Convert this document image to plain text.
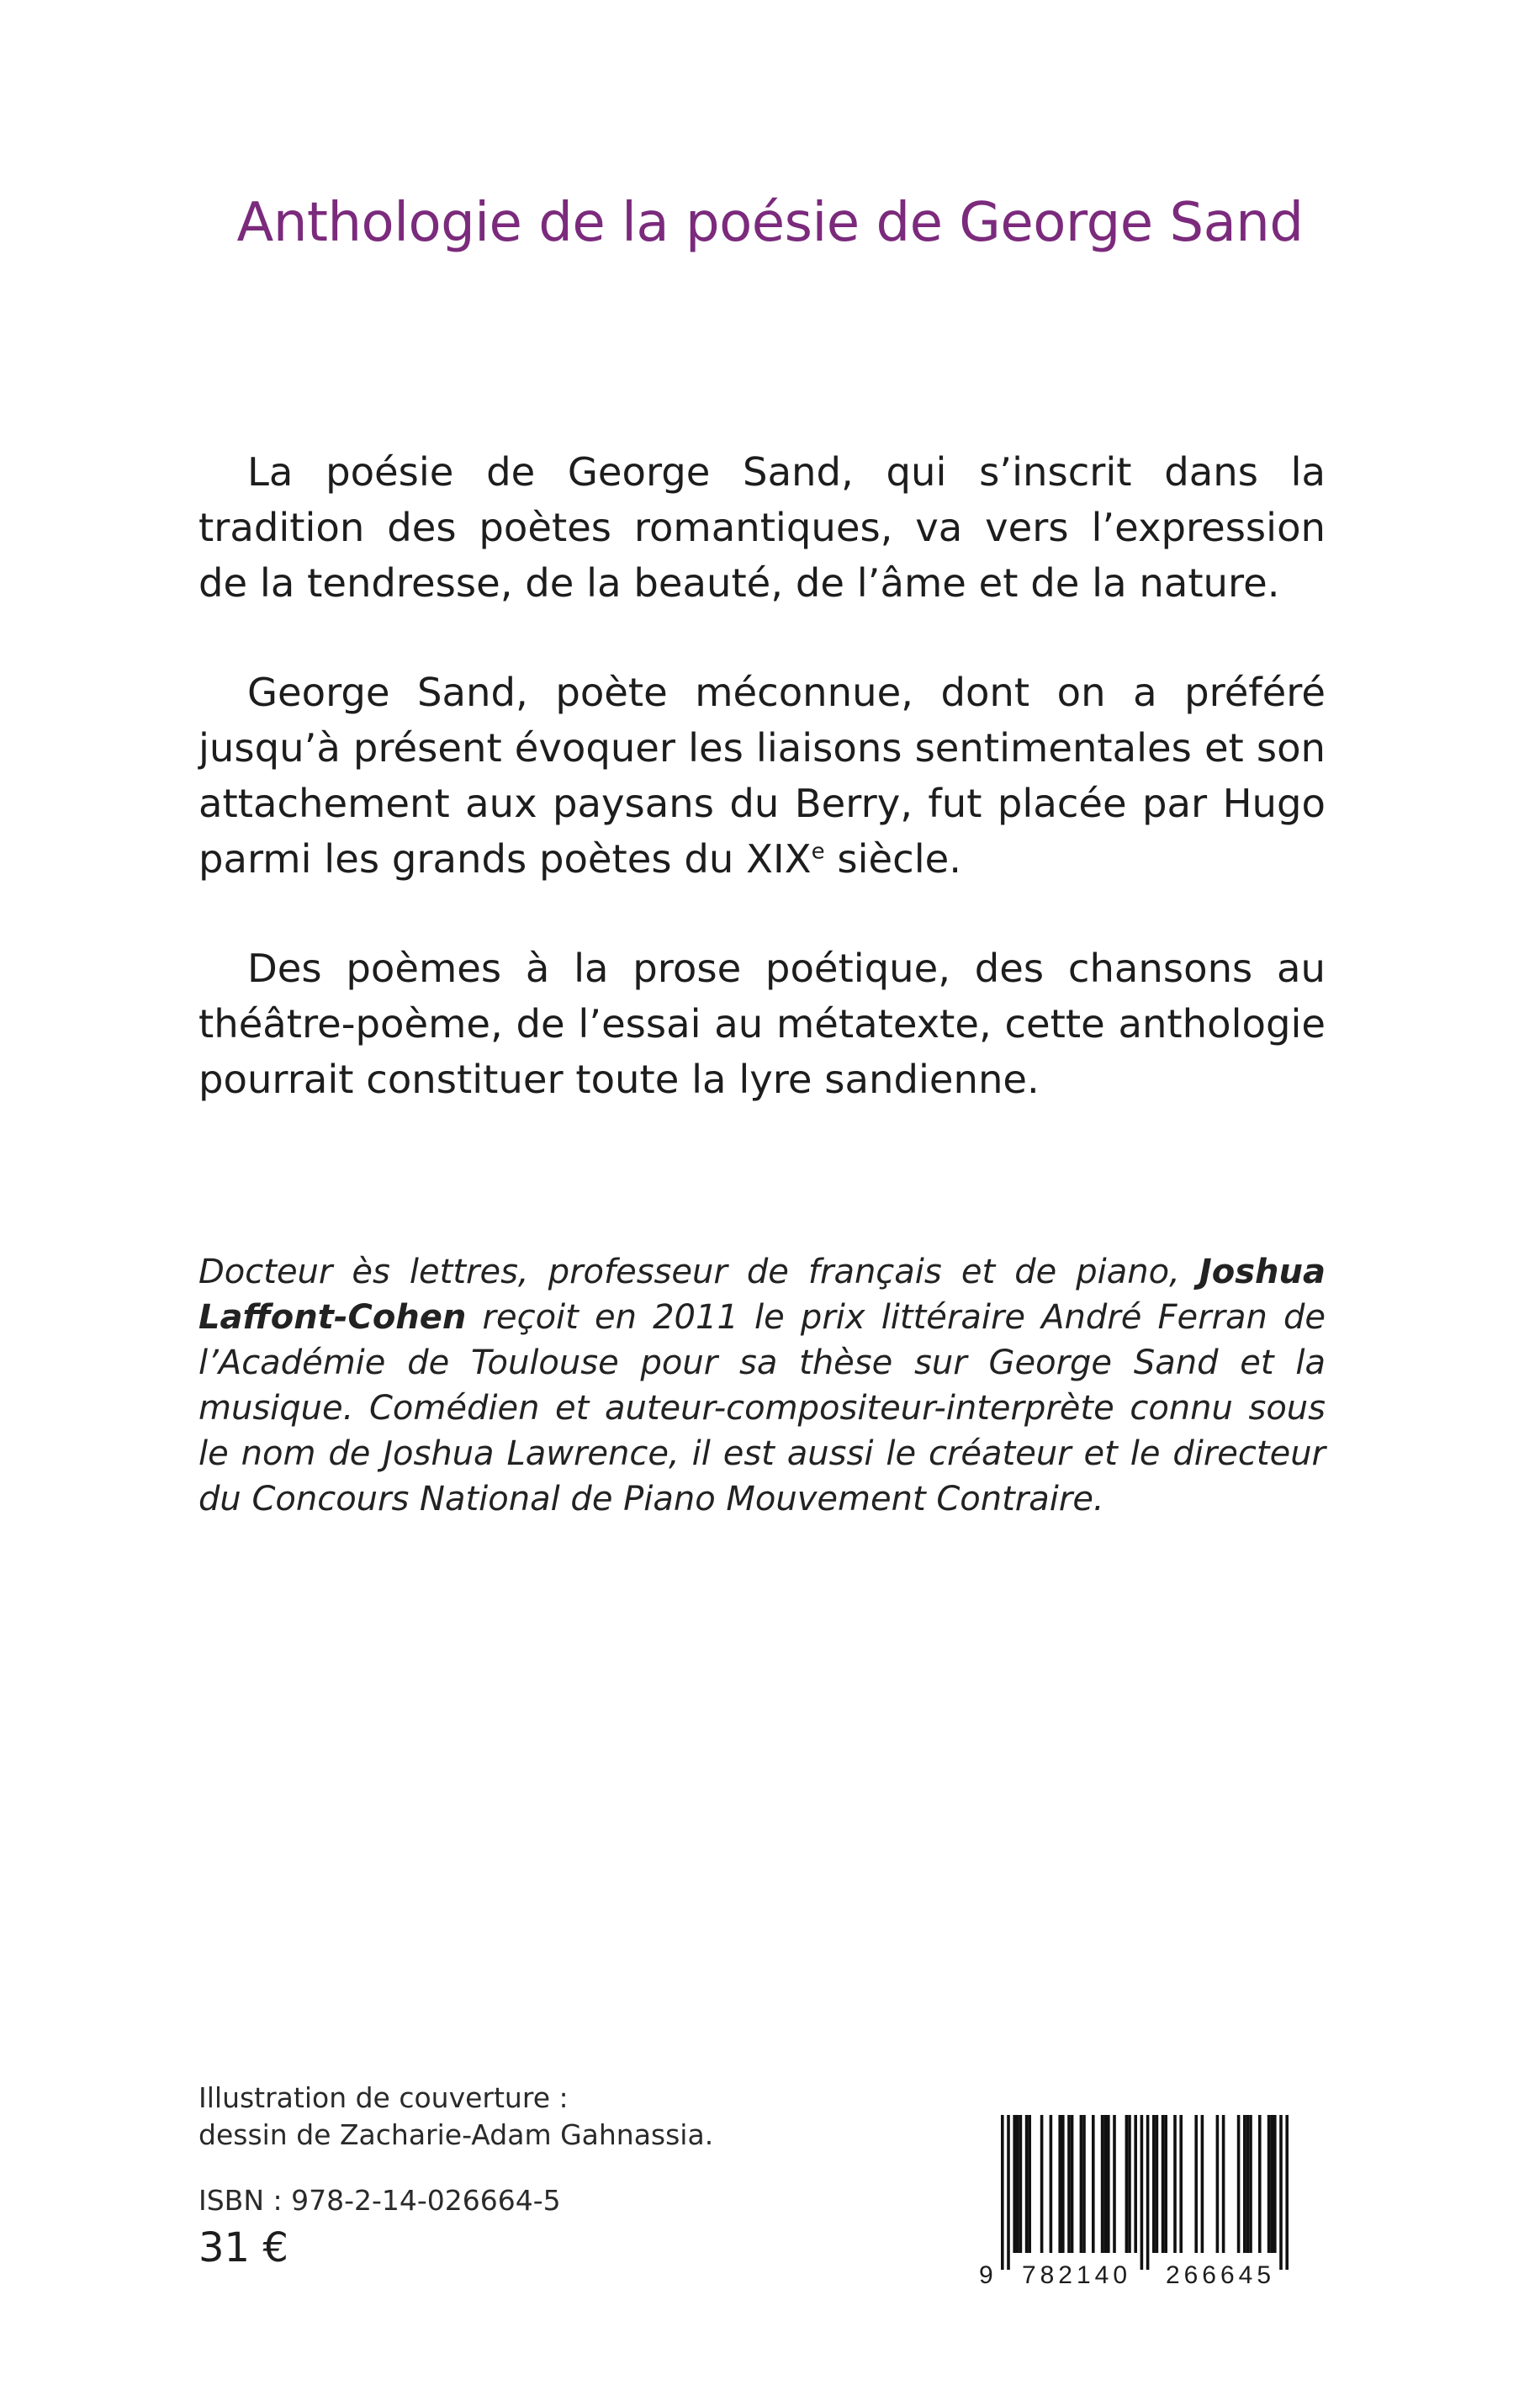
Anthologie de la poésie de George Sand

La poésie de George Sand, qui s’inscrit dans la tradition des poètes romantiques, va vers l’expression de la tendresse, de la beauté, de l’âme et de la nature.

George Sand, poète méconnue, dont on a préféré jusqu’à présent évoquer les liaisons sentimentales et son attachement aux paysans du Berry, fut placée par Hugo parmi les grands poètes du XIXe siècle.

Des poèmes à la prose poétique, des chansons au théâtre-poème, de l’essai au métatexte, cette anthologie pourrait constituer toute la lyre sandienne.

Docteur ès lettres, professeur de français et de piano, Joshua Laffont-Cohen reçoit en 2011 le prix littéraire André Ferran de l’Académie de Toulouse pour sa thèse sur George Sand et la musique. Comédien et auteur-compositeur-interprète connu sous le nom de Joshua Lawrence, il est aussi le créateur et le directeur du Concours National de Piano Mouvement Contraire.

Illustration de couverture :
dessin de Zacharie-Adam Gahnassia.
ISBN : 978-2-14-026664-5
31 €
9 782140 266645
